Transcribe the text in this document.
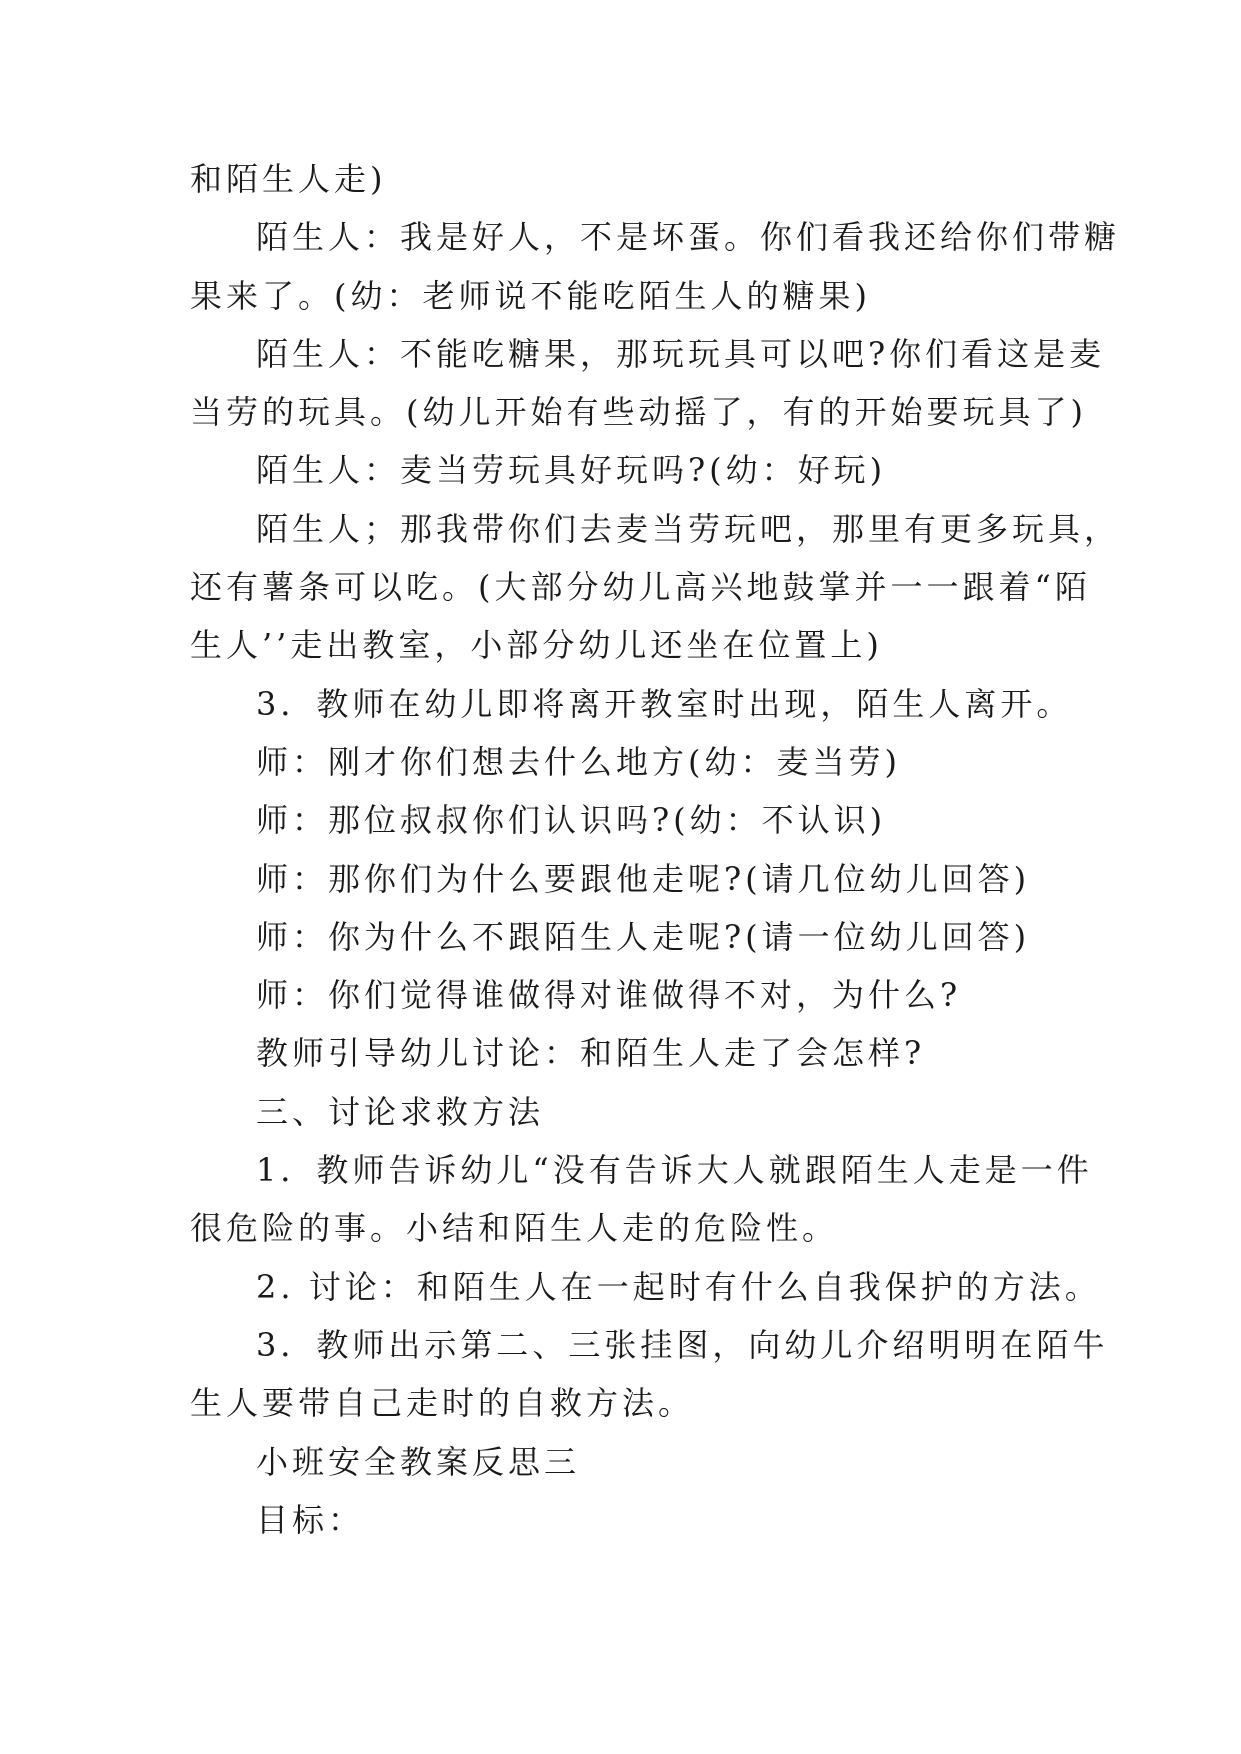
和陌生人走)
陌生人：我是好人，不是坏蛋。你们看我还给你们带糖
果来了。(幼：老师说不能吃陌生人的糖果)
陌生人：不能吃糖果，那玩玩具可以吧?你们看这是麦
当劳的玩具。(幼儿开始有些动摇了，有的开始要玩具了)
陌生人：麦当劳玩具好玩吗?(幼：好玩)
陌生人；那我带你们去麦当劳玩吧，那里有更多玩具，
还有薯条可以吃。(大部分幼儿高兴地鼓掌并一一跟着“陌
生人’’走出教室，小部分幼儿还坐在位置上)
3．教师在幼儿即将离开教室时出现，陌生人离开。
师：刚才你们想去什么地方(幼：麦当劳)
师：那位叔叔你们认识吗?(幼：不认识)
师：那你们为什么要跟他走呢?(请几位幼儿回答)
师：你为什么不跟陌生人走呢?(请一位幼儿回答)
师：你们觉得谁做得对谁做得不对，为什么?
教师引导幼儿讨论：和陌生人走了会怎样?
三、讨论求救方法
1．教师告诉幼儿“没有告诉大人就跟陌生人走是一件
很危险的事。小结和陌生人走的危险性。
2. 讨论：和陌生人在一起时有什么自我保护的方法。
3．教师出示第二、三张挂图，向幼儿介绍明明在陌牛
生人要带自己走时的自救方法。
小班安全教案反思三
目标：
